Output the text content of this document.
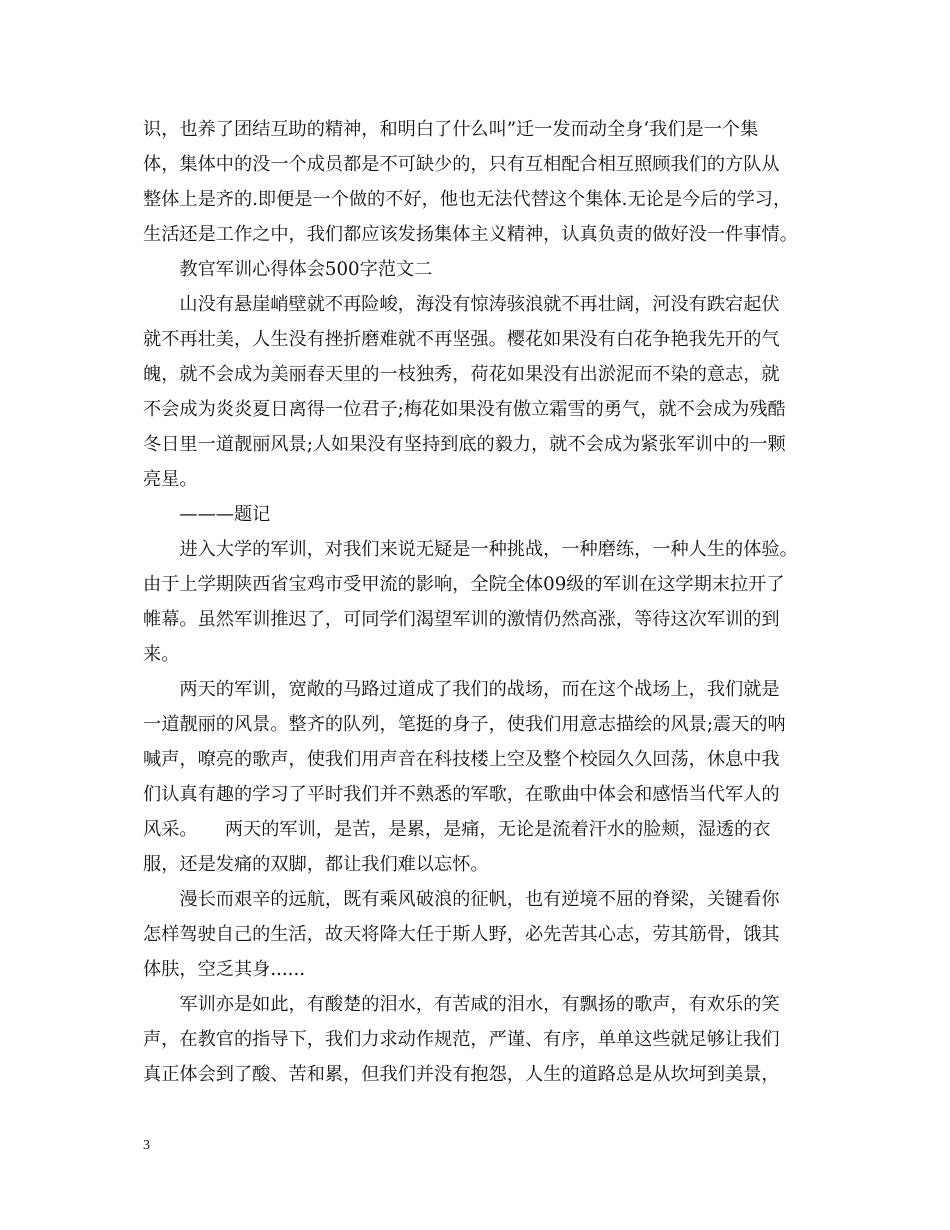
识，也养了团结互助的精神，和明白了什么叫”迁一发而动全身‘我们是一个集
体，集体中的没一个成员都是不可缺少的，只有互相配合相互照顾我们的方队从
整体上是齐的.即便是一个做的不好，他也无法代替这个集体.无论是今后的学习，
生活还是工作之中，我们都应该发扬集体主义精神，认真负责的做好没一件事情。
　　教官军训心得体会500字范文二
　　山没有悬崖峭壁就不再险峻，海没有惊涛骇浪就不再壮阔，河没有跌宕起伏
就不再壮美，人生没有挫折磨难就不再坚强。樱花如果没有白花争艳我先开的气
魄，就不会成为美丽春天里的一枝独秀，荷花如果没有出淤泥而不染的意志，就
不会成为炎炎夏日离得一位君子;梅花如果没有傲立霜雪的勇气，就不会成为残酷
冬日里一道靓丽风景;人如果没有坚持到底的毅力，就不会成为紧张军训中的一颗
亮星。
　　———题记
　　进入大学的军训，对我们来说无疑是一种挑战，一种磨练，一种人生的体验。
由于上学期陕西省宝鸡市受甲流的影响，全院全体09级的军训在这学期末拉开了
帷幕。虽然军训推迟了，可同学们渴望军训的激情仍然高涨，等待这次军训的到
来。
　　两天的军训，宽敞的马路过道成了我们的战场，而在这个战场上，我们就是
一道靓丽的风景。整齐的队列，笔挺的身子，使我们用意志描绘的风景;震天的呐
喊声，嘹亮的歌声，使我们用声音在科技楼上空及整个校园久久回荡，休息中我
们认真有趣的学习了平时我们并不熟悉的军歌，在歌曲中体会和感悟当代军人的
风采。　　两天的军训，是苦，是累，是痛，无论是流着汗水的脸颊，湿透的衣
服，还是发痛的双脚，都让我们难以忘怀。
　　漫长而艰辛的远航，既有乘风破浪的征帆，也有逆境不屈的脊梁，关键看你
怎样驾驶自己的生活，故天将降大任于斯人野，必先苦其心志，劳其筋骨，饿其
体肤，空乏其身......
　　军训亦是如此，有酸楚的泪水，有苦咸的泪水，有飘扬的歌声，有欢乐的笑
声，在教官的指导下，我们力求动作规范，严谨、有序，单单这些就足够让我们
真正体会到了酸、苦和累，但我们并没有抱怨，人生的道路总是从坎坷到美景，
3
